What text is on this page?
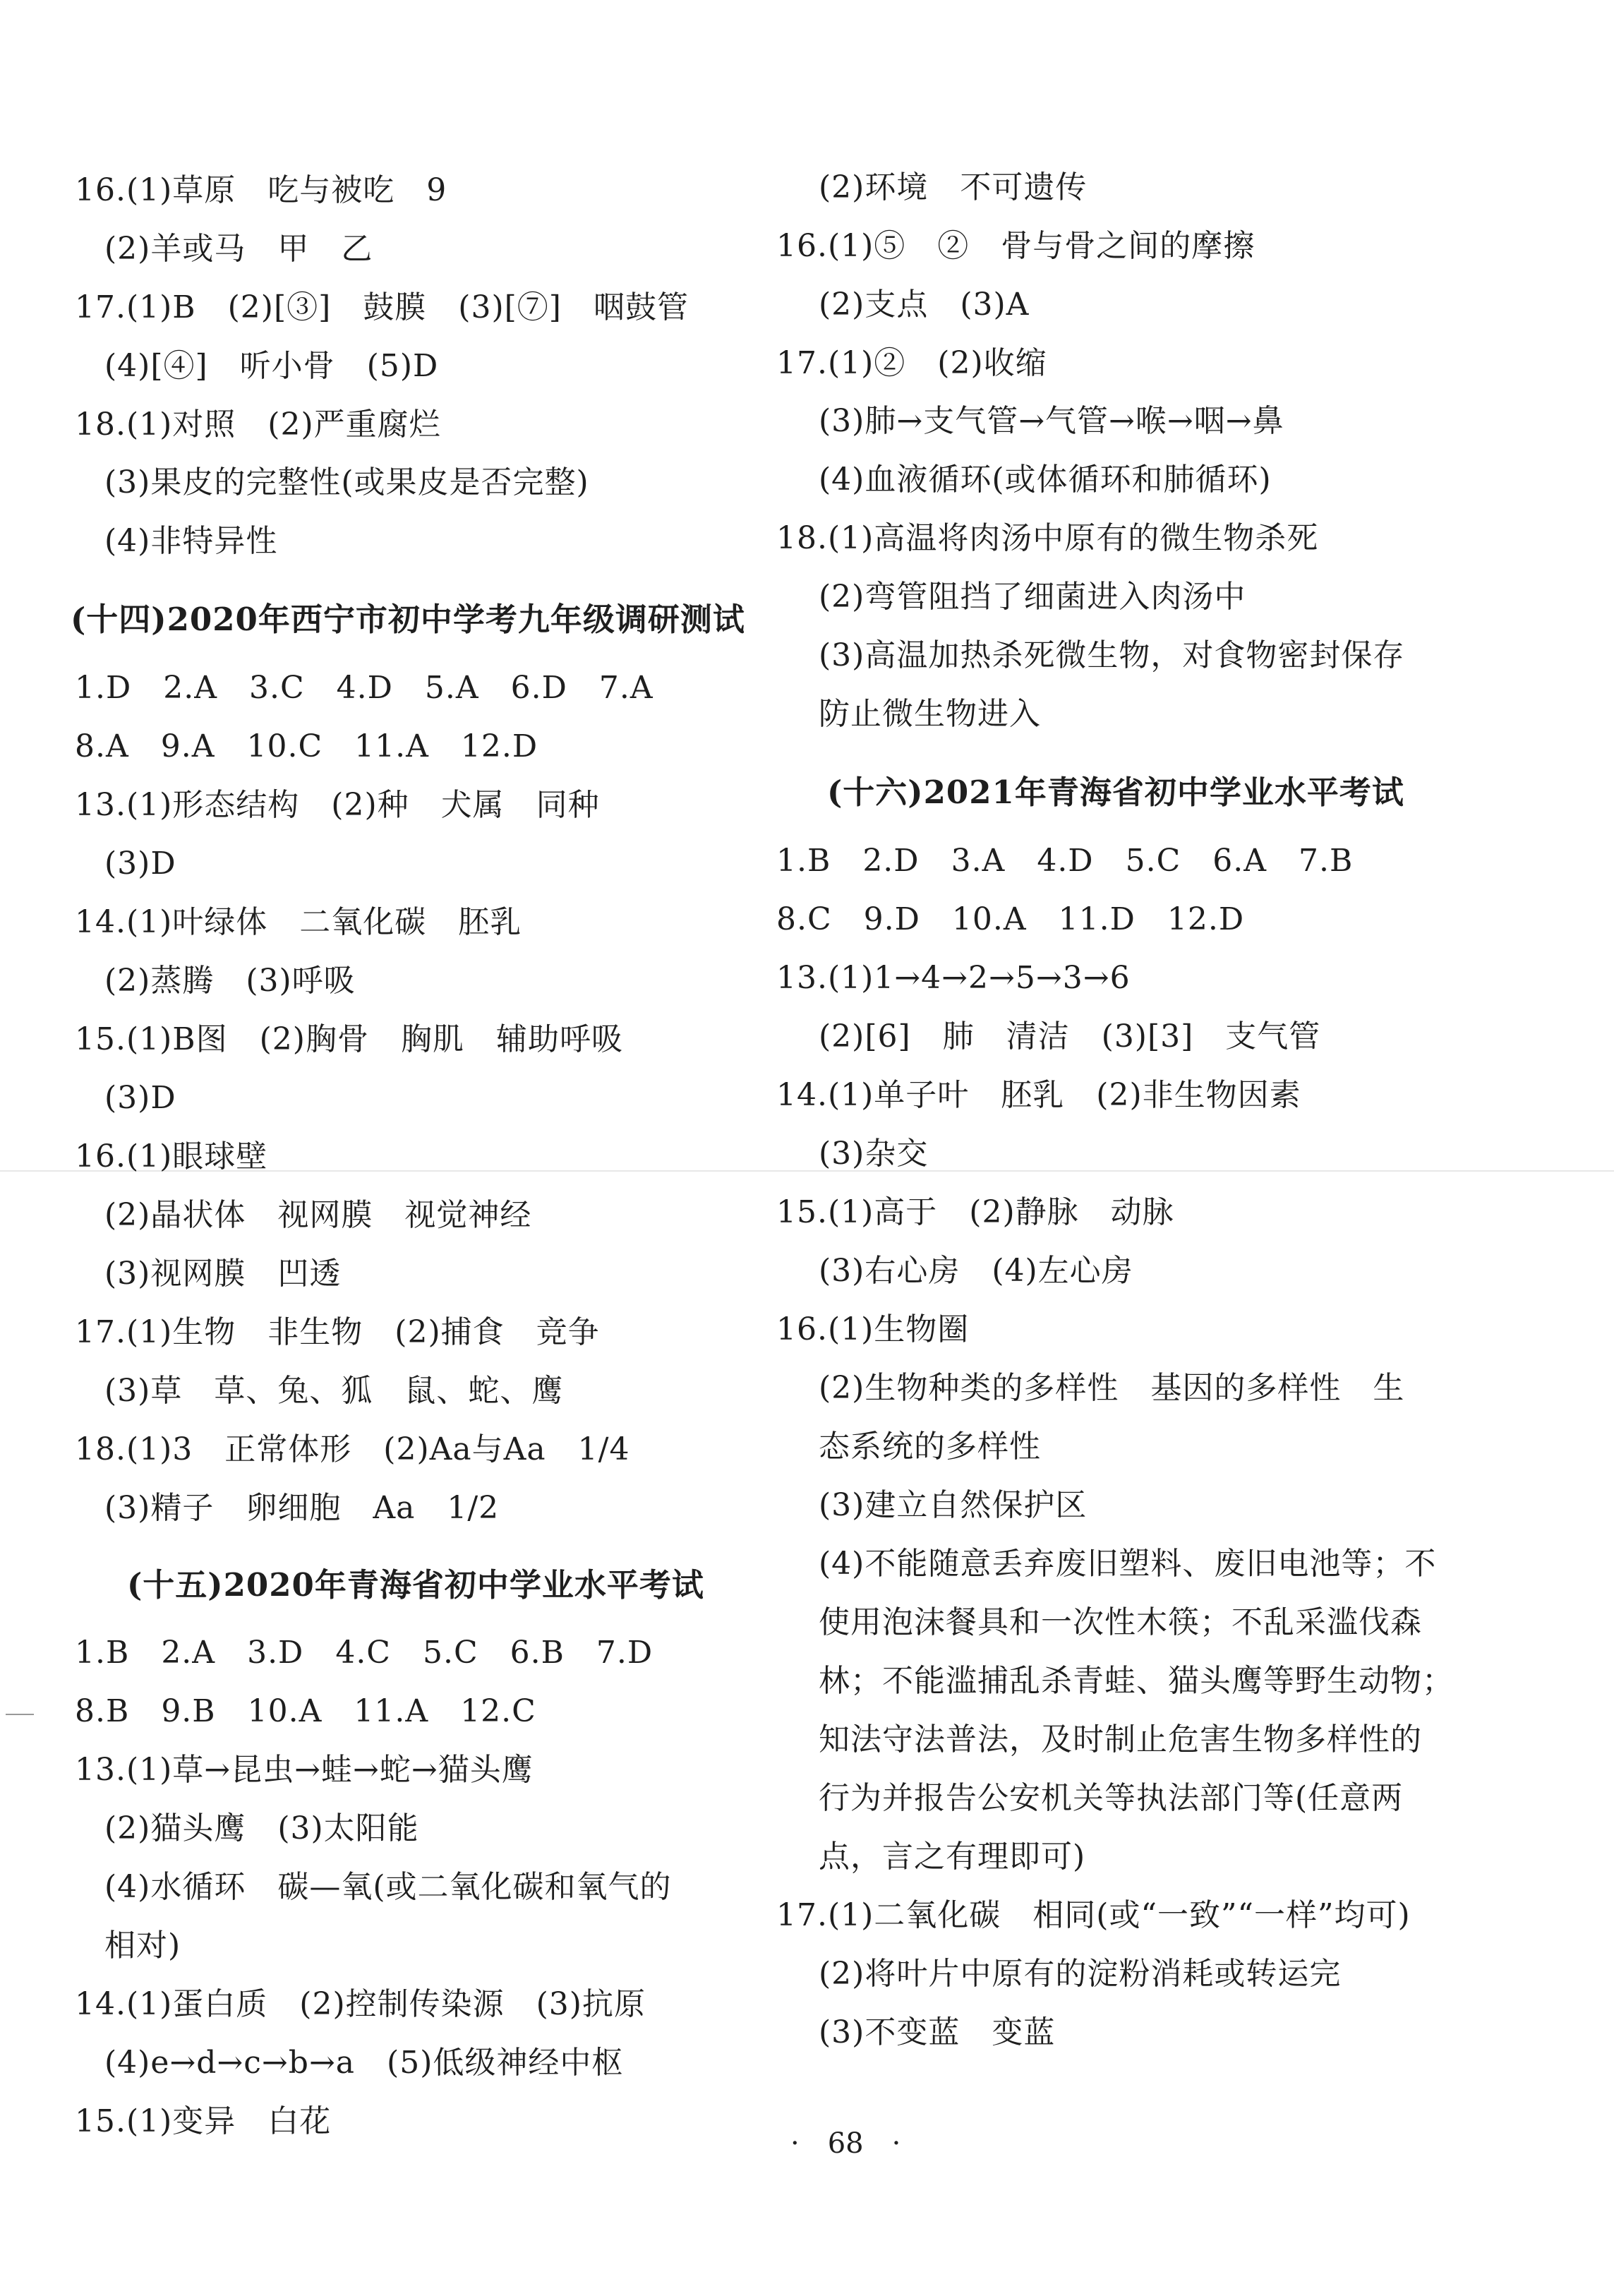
16.(1)草原　吃与被吃　9
(2)羊或马　甲　乙
17.(1)B　(2)[③]　鼓膜　(3)[⑦]　咽鼓管
(4)[④]　听小骨　(5)D
18.(1)对照　(2)严重腐烂
(3)果皮的完整性(或果皮是否完整)
(4)非特异性
(十四)2020年西宁市初中学考九年级调研测试
1.D　2.A　3.C　4.D　5.A　6.D　7.A
8.A　9.A　10.C　11.A　12.D
13.(1)形态结构　(2)种　犬属　同种
(3)D
14.(1)叶绿体　二氧化碳　胚乳
(2)蒸腾　(3)呼吸
15.(1)B图　(2)胸骨　胸肌　辅助呼吸
(3)D
16.(1)眼球壁
(2)晶状体　视网膜　视觉神经
(3)视网膜　凹透
17.(1)生物　非生物　(2)捕食　竞争
(3)草　草、兔、狐　鼠、蛇、鹰
18.(1)3　正常体形　(2)Aa与Aa　1/4
(3)精子　卵细胞　Aa　1/2
(十五)2020年青海省初中学业水平考试
1.B　2.A　3.D　4.C　5.C　6.B　7.D
8.B　9.B　10.A　11.A　12.C
13.(1)草→昆虫→蛙→蛇→猫头鹰
(2)猫头鹰　(3)太阳能
(4)水循环　碳—氧(或二氧化碳和氧气的
相对)
14.(1)蛋白质　(2)控制传染源　(3)抗原
(4)e→d→c→b→a　(5)低级神经中枢
15.(1)变异　白花
(2)环境　不可遗传
16.(1)⑤　②　骨与骨之间的摩擦
(2)支点　(3)A
17.(1)②　(2)收缩
(3)肺→支气管→气管→喉→咽→鼻
(4)血液循环(或体循环和肺循环)
18.(1)高温将肉汤中原有的微生物杀死
(2)弯管阻挡了细菌进入肉汤中
(3)高温加热杀死微生物，对食物密封保存
防止微生物进入
(十六)2021年青海省初中学业水平考试
1.B　2.D　3.A　4.D　5.C　6.A　7.B
8.C　9.D　10.A　11.D　12.D
13.(1)1→4→2→5→3→6
(2)[6]　肺　清洁　(3)[3]　支气管
14.(1)单子叶　胚乳　(2)非生物因素
(3)杂交
15.(1)高于　(2)静脉　动脉
(3)右心房　(4)左心房
16.(1)生物圈
(2)生物种类的多样性　基因的多样性　生
态系统的多样性
(3)建立自然保护区
(4)不能随意丢弃废旧塑料、废旧电池等；不
使用泡沫餐具和一次性木筷；不乱采滥伐森
林；不能滥捕乱杀青蛙、猫头鹰等野生动物；
知法守法普法，及时制止危害生物多样性的
行为并报告公安机关等执法部门等(任意两
点，言之有理即可)
17.(1)二氧化碳　相同(或“一致”“一样”均可)
(2)将叶片中原有的淀粉消耗或转运完
(3)不变蓝　变蓝
·　68　·
